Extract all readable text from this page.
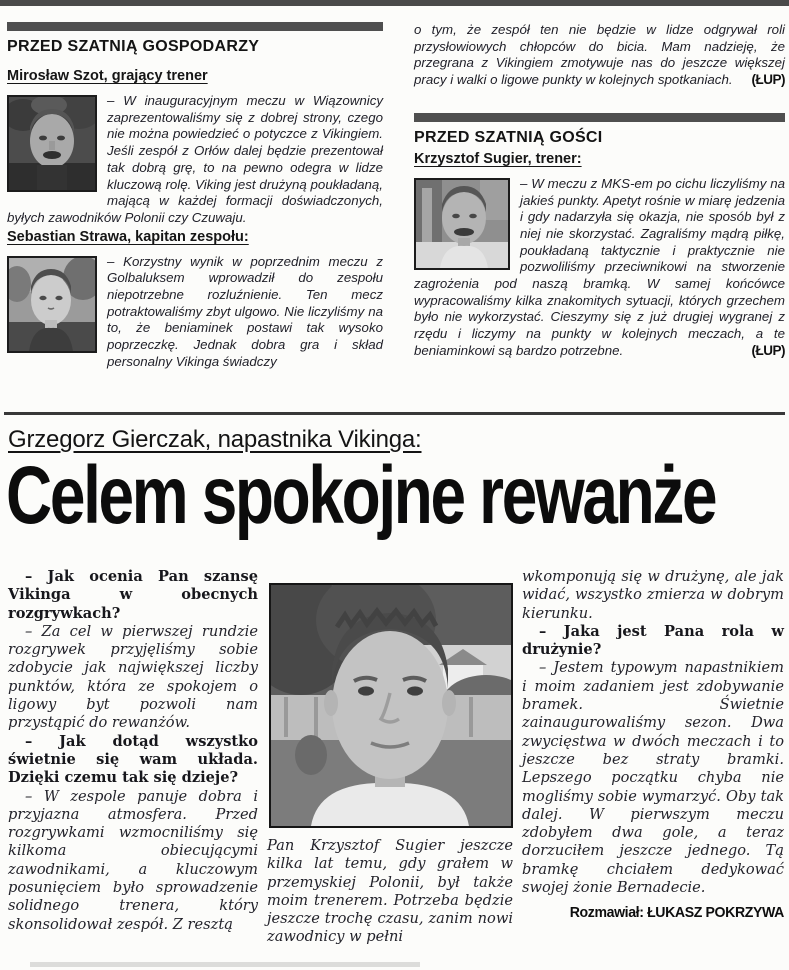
PRZED SZATNIĄ GOSPODARZY
Mirosław Szot, grający trener
– W inauguracyjnym meczu w Wiązownicy zaprezentowaliśmy się z dobrej strony, czego nie można powiedzieć o potyczce z Vikingiem. Jeśli zespół z Orłów dalej będzie prezentował tak dobrą grę, to na pewno odegra w lidze kluczową rolę. Viking jest drużyną poukładaną, mającą w każdej formacji doświadczonych, byłych zawodników Polonii czy Czuwaju.
Sebastian Strawa, kapitan zespołu:
– Korzystny wynik w poprzednim meczu z Golbaluksem wprowadził do zespołu niepotrzebne rozluźnienie. Ten mecz potraktowaliśmy zbyt ulgowo. Nie liczyliśmy na to, że beniaminek postawi tak wysoko poprzeczkę. Jednak dobra gra i skład personalny Vikinga świadczy
o tym, że zespół ten nie będzie w lidze odgrywał roli przysłowiowych chłopców do bicia. Mam nadzieję, że przegrana z Vikingiem zmotywuje nas do jeszcze większej pracy i walki o ligowe punkty w kolejnych spotkaniach. (ŁUP)
PRZED SZATNIĄ GOŚCI
Krzysztof Sugier, trener:
– W meczu z MKS-em po cichu liczyliśmy na jakieś punkty. Apetyt rośnie w miarę jedzenia i gdy nadarzyła się okazja, nie sposób był z niej nie skorzystać. Zagraliśmy mądrą piłkę, poukładaną taktycznie i praktycznie nie pozwoliliśmy przeciwnikowi na stworzenie zagrożenia pod naszą bramką. W samej końcówce wypracowaliśmy kilka znakomitych sytuacji, których grzechem było nie wykorzystać. Cieszymy się z już drugiej wygranej z rzędu i liczymy na punkty w kolejnych meczach, a te beniaminkowi są bardzo potrzebne.	(ŁUP)
Grzegorz Gierczak, napastnika Vikinga:
Celem spokojne rewanże

– Jak ocenia Pan szansę Vikinga w obecnych rozgrywkach?

– Za cel w pierwszej rundzie rozgrywek przyjęliśmy sobie zdobycie jak największej liczby punktów, która ze spokojem o ligowy byt pozwoli nam przystąpić do rewanżów.

– Jak dotąd wszystko świetnie się wam układa. Dzięki czemu tak się dzieje?

– W zespole panuje dobra i przyjazna atmosfera. Przed rozgrywkami wzmocniliśmy się kilkoma obiecującymi zawodnikami, a kluczowym posunięciem było sprowadzenie solidnego trenera, który skonsolidował zespół. Z resztą

Pan Krzysztof Sugier jeszcze kilka lat temu, gdy grałem w przemyskiej Polonii, był także moim trenerem. Potrzeba będzie jeszcze trochę czasu, zanim nowi zawodnicy w pełni

wkomponują się w drużynę, ale jak widać, wszystko zmierza w dobrym kierunku.

– Jaka jest Pana rola w drużynie?

– Jestem typowym napastnikiem i moim zadaniem jest zdobywanie bramek. Świetnie zainaugurowaliśmy sezon. Dwa zwycięstwa w dwóch meczach i to jeszcze bez straty bramki. Lepszego początku chyba nie mogliśmy sobie wymarzyć. Oby tak dalej. W pierwszym meczu zdobyłem dwa gole, a teraz dorzuciłem jeszcze jednego. Tą bramkę chciałem dedykować swojej żonie Bernadecie.

Rozmawiał: ŁUKASZ POKRZYWA
